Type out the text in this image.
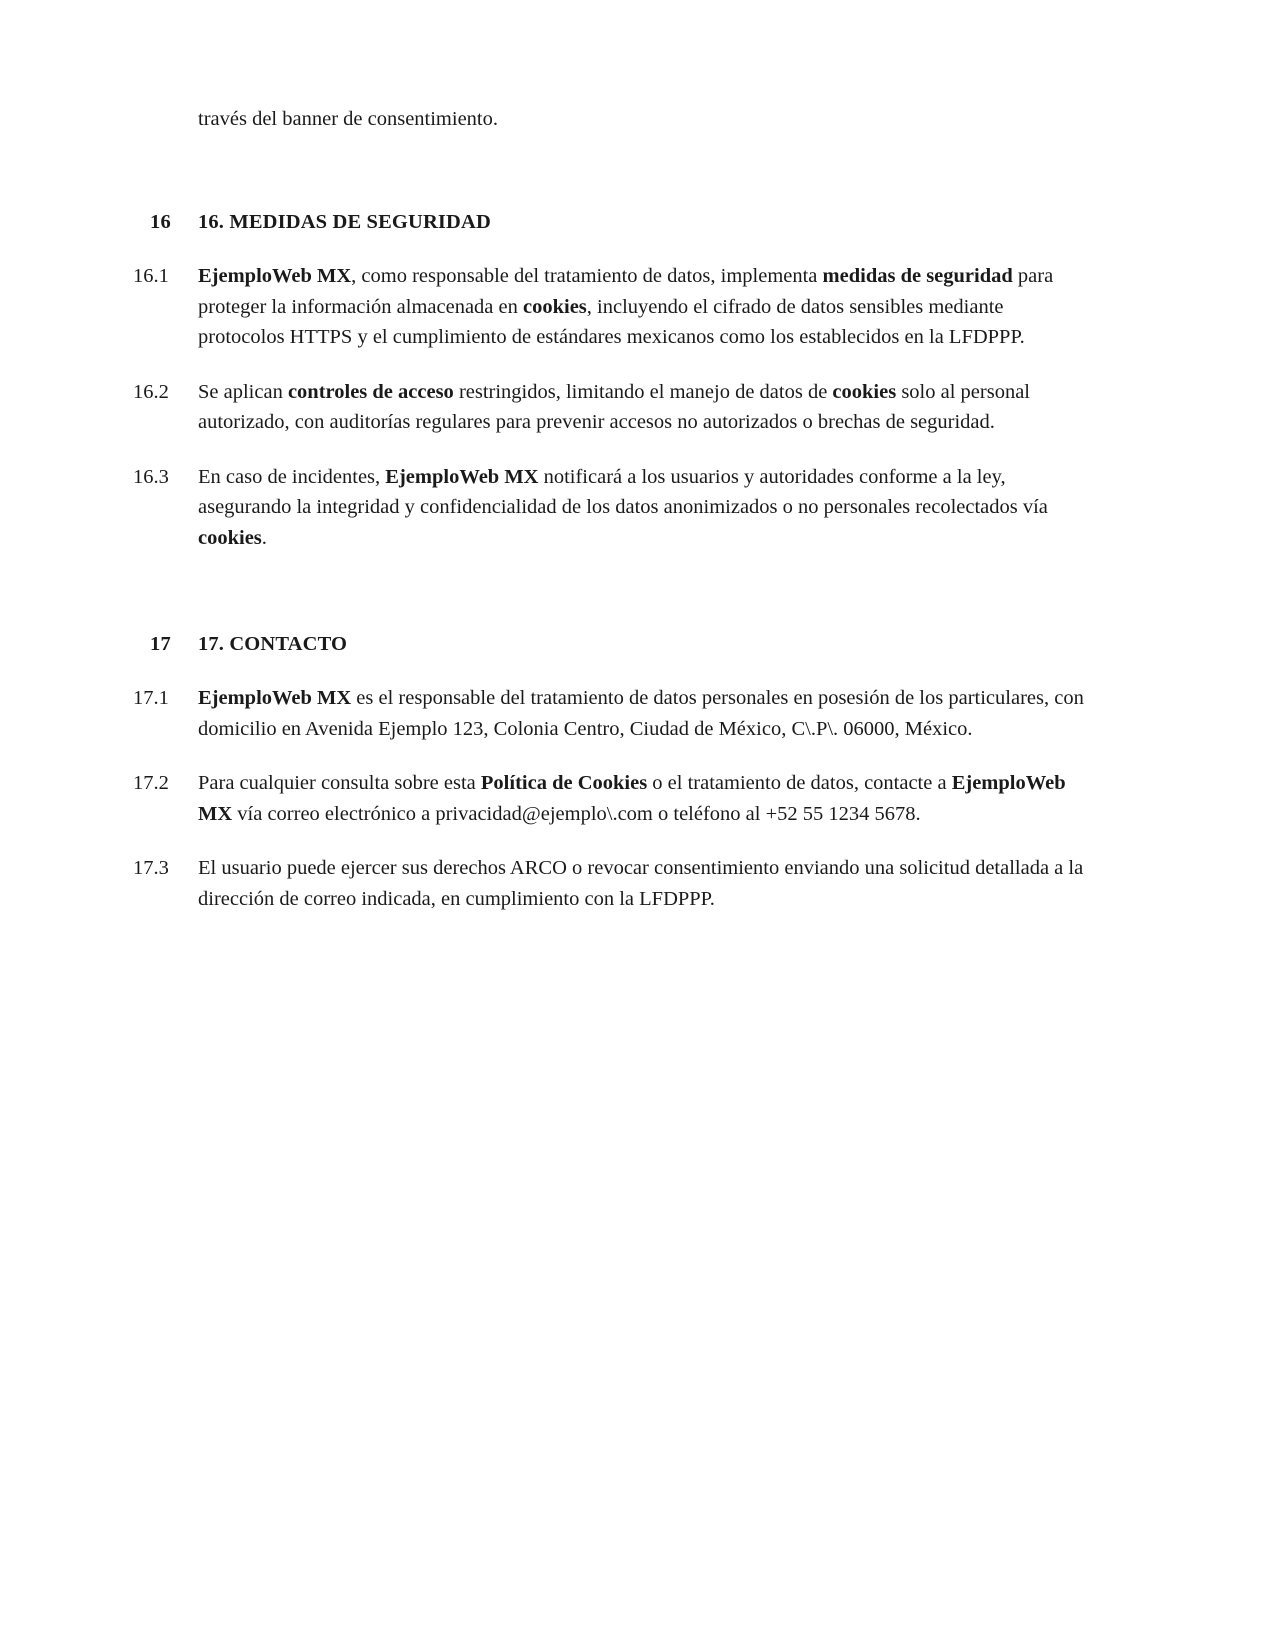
través del banner de consentimiento.

16	16. MEDIDAS DE SEGURIDAD
16.1	EjemploWeb MX, como responsable del tratamiento de datos, implementa medidas de seguridad para proteger la información almacenada en cookies, incluyendo el cifrado de datos sensibles mediante protocolos HTTPS y el cumplimiento de estándares mexicanos como los establecidos en la LFDPPP.
16.2	Se aplican controles de acceso restringidos, limitando el manejo de datos de cookies solo al personal autorizado, con auditorías regulares para prevenir accesos no autorizados o brechas de seguridad.
16.3	En caso de incidentes, EjemploWeb MX notificará a los usuarios y autoridades conforme a la ley, asegurando la integridad y confidencialidad de los datos anonimizados o no personales recolectados vía cookies.
17	17. CONTACTO
17.1	EjemploWeb MX es el responsable del tratamiento de datos personales en posesión de los particulares, con domicilio en Avenida Ejemplo 123, Colonia Centro, Ciudad de México, C\.P\. 06000, México.
17.2	Para cualquier consulta sobre esta Política de Cookies o el tratamiento de datos, contacte a EjemploWeb MX vía correo electrónico a privacidad@ejemplo\.com o teléfono al +52 55 1234 5678.
17.3	El usuario puede ejercer sus derechos ARCO o revocar consentimiento enviando una solicitud detallada a la dirección de correo indicada, en cumplimiento con la LFDPPP.
